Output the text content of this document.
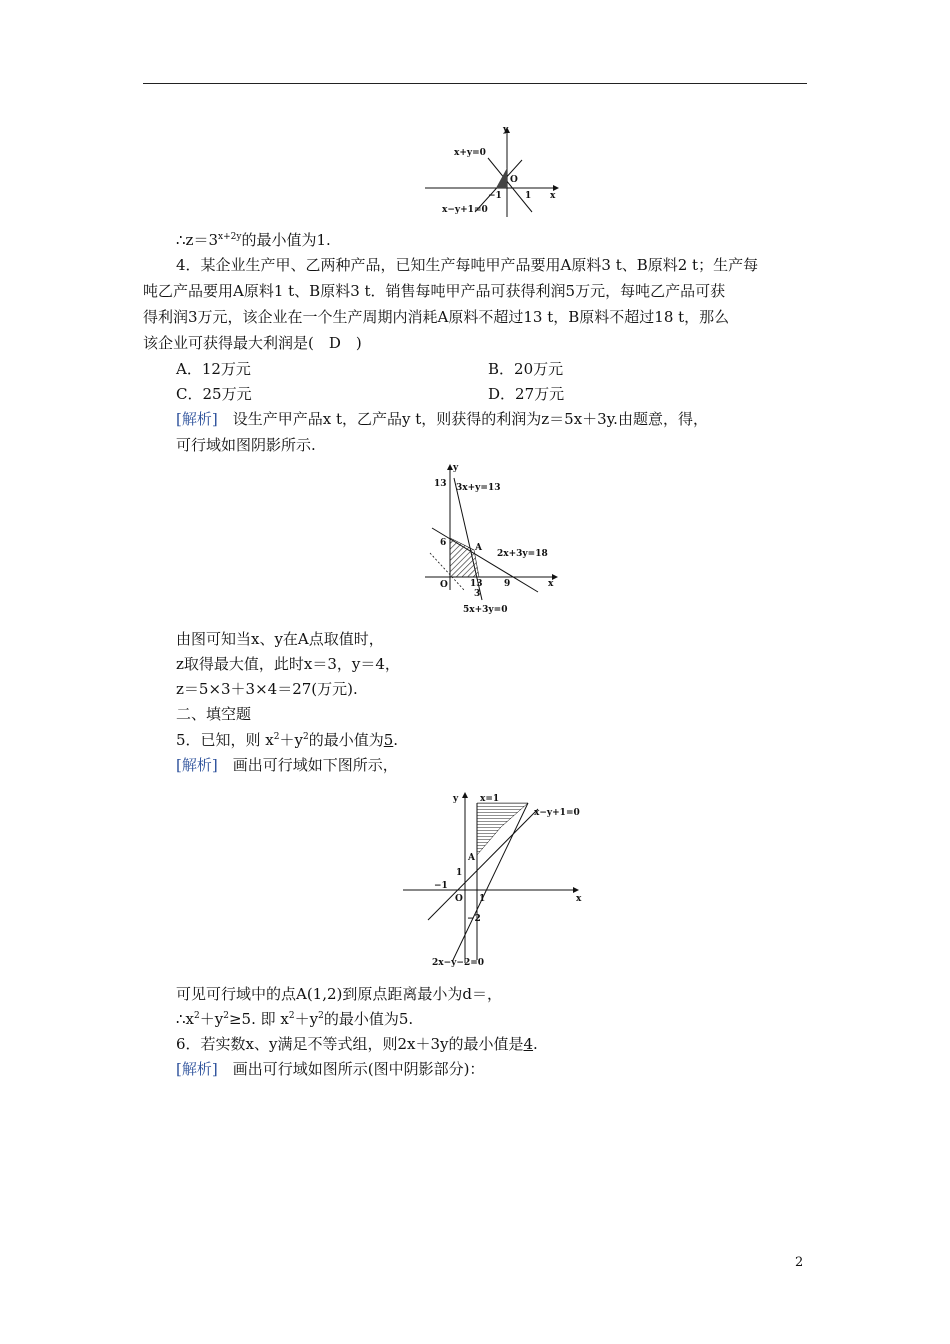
y
x+y=0
O
−1	1 x
x−y+1=0
$\therefore z=3^{x+2y}$的最小值为1.
4．某企业生产甲、乙两种产品，已知生产每吨甲产品要用A原料3 t、B原料2 t；生产每
吨乙产品要用A原料1 t、B原料3 t．销售每吨甲产品可获得利润5万元，每吨乙产品可获
得利润3万元，该企业在一个生产周期内消耗A原料不超过13 t，B原料不超过18 t，那么
该企业可获得最大利润是(　D　)
A．12万元	B．20万元
C．25万元	D．27万元
[解析]　设生产甲产品x t，乙产品y t，则获得的利润为z＝5x＋3y.由题意，得，
可行域如图阴影所示.
y
13 3x+y=13
6	A
2x+3y=18
O 13
3
9	x
5x+3y=0
由图可知当x、y在A点取值时，
z取得最大值，此时x＝3，y＝4，
z＝5×3＋3×4＝27(万元).
二、填空题
5．已知，则 $x^2+y^2$的最小值为5.
[解析]　画出可行域如下图所示，
y x=1
x−y+1=0
A
1
−1
O 1	x
−2
2x−y−2=0
可见可行域中的点A(1,2)到原点距离最小为d＝，
$\therefore x^2+y^2\ge 5$. 即 $x^2+y^2$的最小值为5.
6．若实数x、y满足不等式组，则2x＋3y的最小值是4.
[解析]　画出可行域如图所示(图中阴影部分)：
2
